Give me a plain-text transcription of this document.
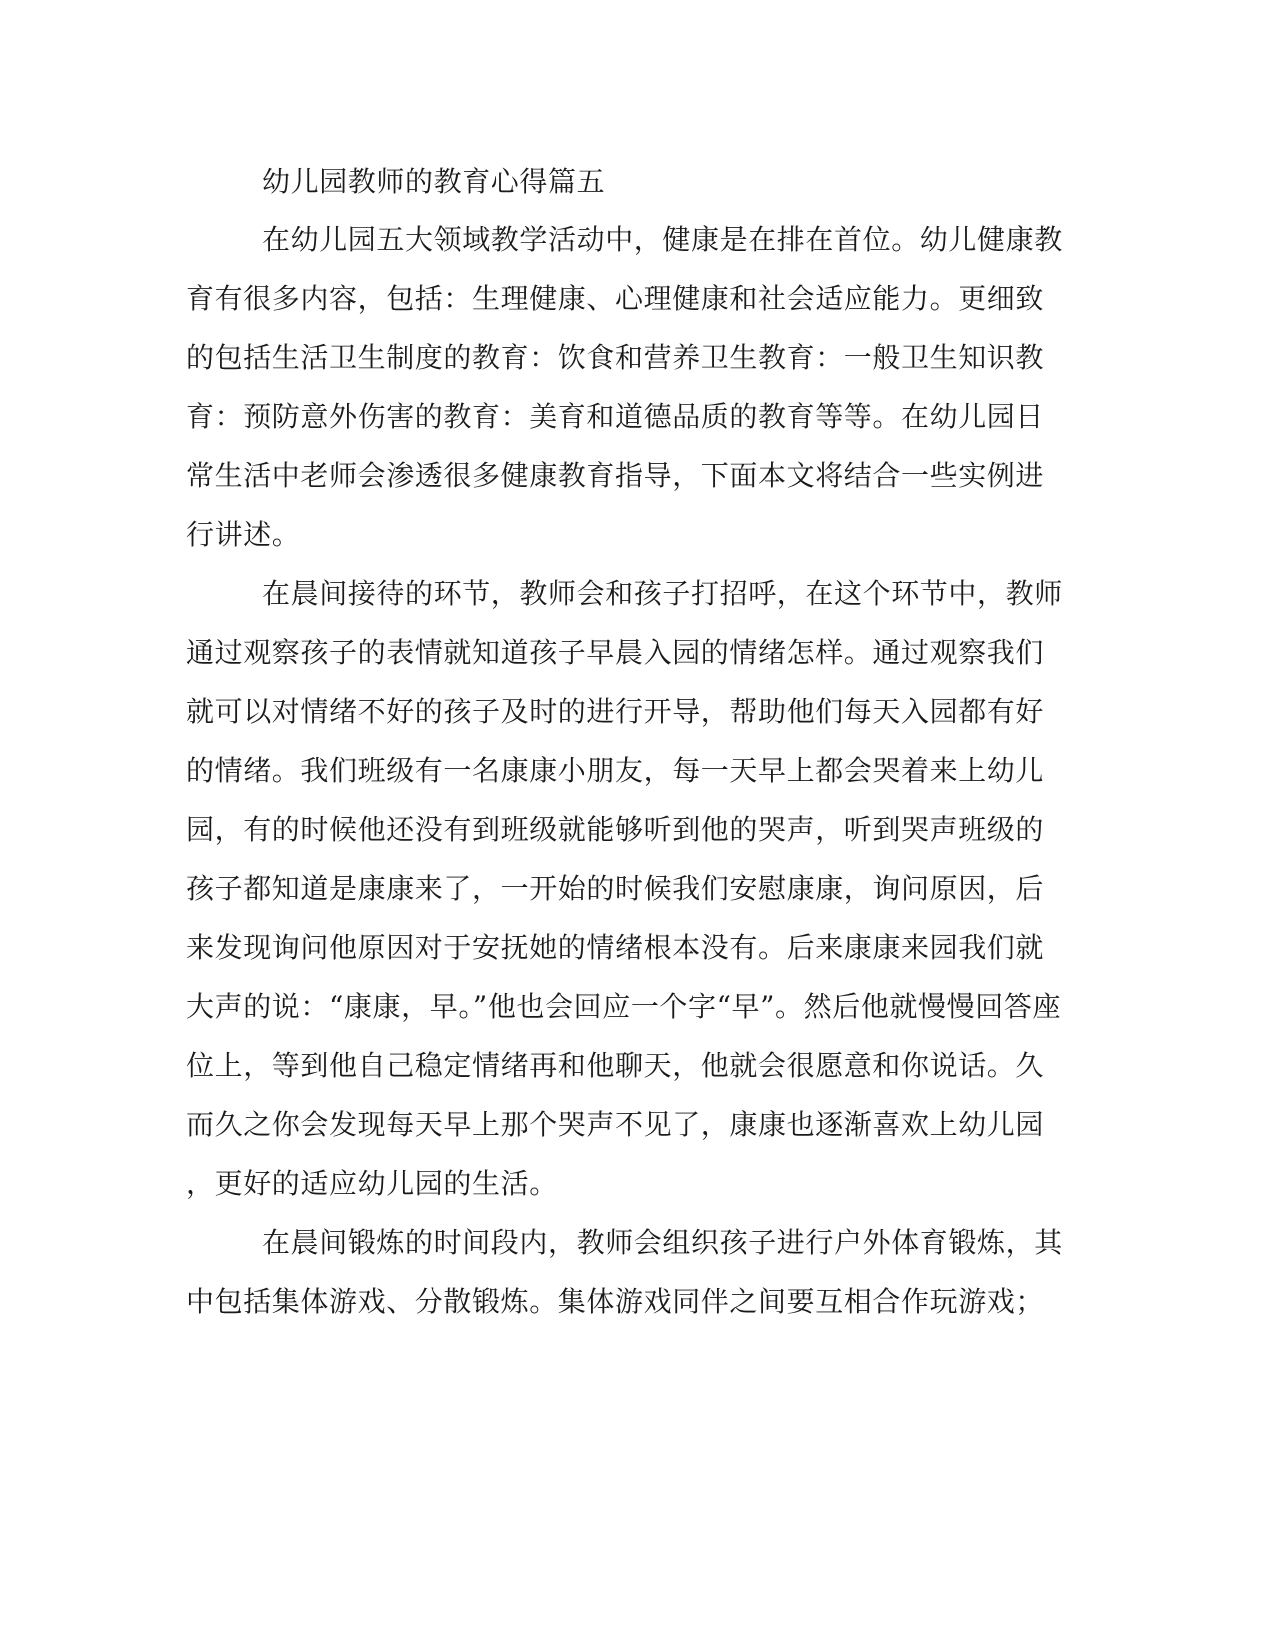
幼儿园教师的教育心得篇五
在幼儿园五大领域教学活动中，健康是在排在首位。幼儿健康教
育有很多内容，包括：生理健康、心理健康和社会适应能力。更细致
的包括生活卫生制度的教育：饮食和营养卫生教育：一般卫生知识教
育：预防意外伤害的教育：美育和道德品质的教育等等。在幼儿园日
常生活中老师会渗透很多健康教育指导，下面本文将结合一些实例进
行讲述。
在晨间接待的环节，教师会和孩子打招呼，在这个环节中，教师
通过观察孩子的表情就知道孩子早晨入园的情绪怎样。通过观察我们
就可以对情绪不好的孩子及时的进行开导，帮助他们每天入园都有好
的情绪。我们班级有一名康康小朋友，每一天早上都会哭着来上幼儿
园，有的时候他还没有到班级就能够听到他的哭声，听到哭声班级的
孩子都知道是康康来了，一开始的时候我们安慰康康，询问原因，后
来发现询问他原因对于安抚她的情绪根本没有。后来康康来园我们就
大声的说：“康康，早。”他也会回应一个字“早”。然后他就慢慢回答座
位上，等到他自己稳定情绪再和他聊天，他就会很愿意和你说话。久
而久之你会发现每天早上那个哭声不见了，康康也逐渐喜欢上幼儿园
，更好的适应幼儿园的生活。
在晨间锻炼的时间段内，教师会组织孩子进行户外体育锻炼，其
中包括集体游戏、分散锻炼。集体游戏同伴之间要互相合作玩游戏；
